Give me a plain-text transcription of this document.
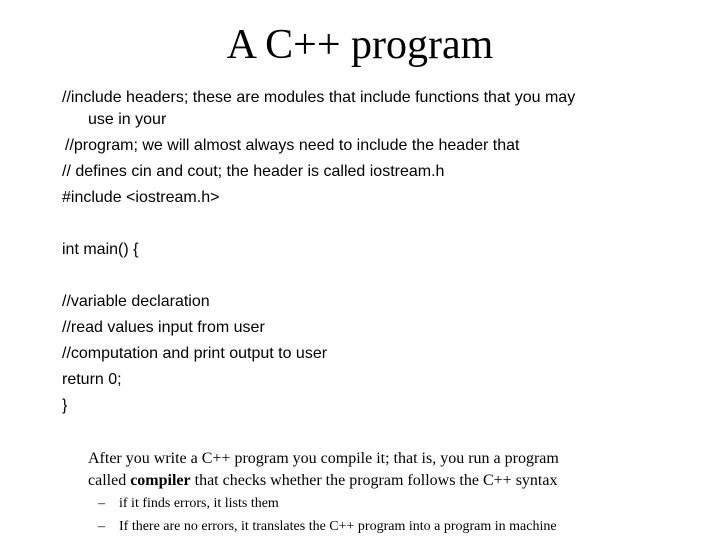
A C++ program
//include headers; these are modules that include functions that you may
use in your
//program; we will almost always need to include the header that
// defines cin and cout; the header is called iostream.h
#include <iostream.h>
int main() {
//variable declaration
//read values input from user
//computation and print output to user
return 0;
}
After you write a C++ program you compile it; that is, you run a program
called compiler that checks whether the program follows the C++ syntax
– if it finds errors, it lists them
– If there are no errors, it translates the C++ program into a program in machine
